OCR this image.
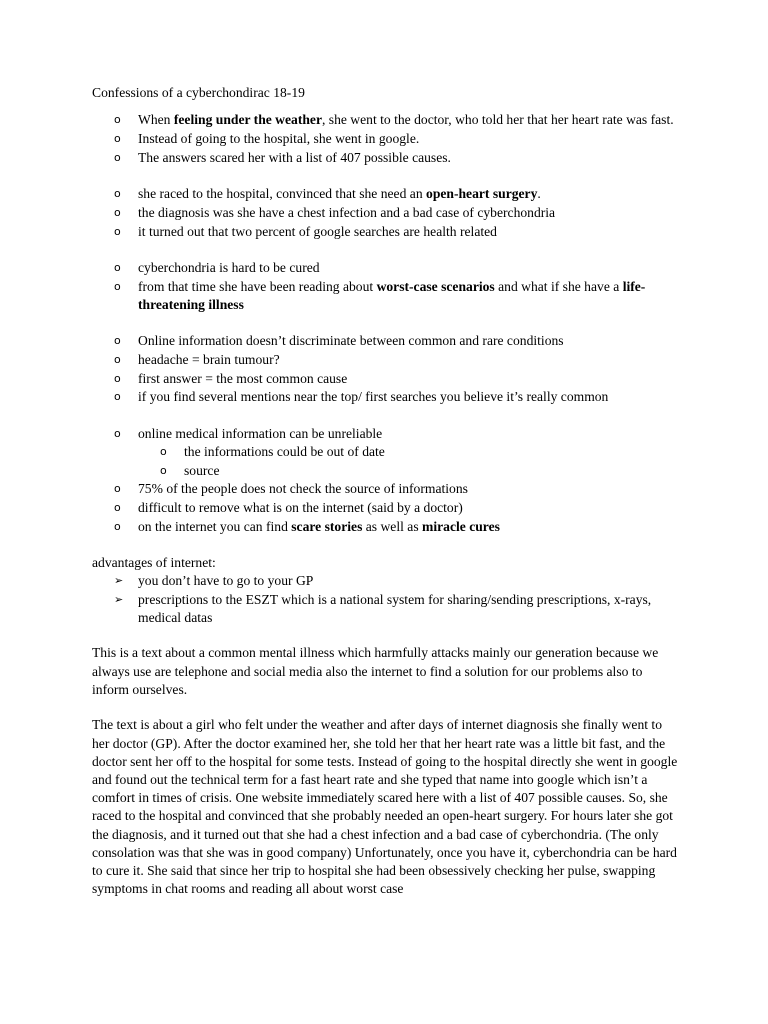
Confessions of a cyberchondirac 18-19
o When feeling under the weather, she went to the doctor, who told her that her heart rate was fast.
o Instead of going to the hospital, she went in google.
o The answers scared her with a list of 407 possible causes.
o she raced to the hospital, convinced that she need an open-heart surgery.
o the diagnosis was she have a chest infection and a bad case of cyberchondria
o it turned out that two percent of google searches are health related
o cyberchondria is hard to be cured
o from that time she have been reading about worst-case scenarios and what if she have a life-threatening illness
o Online information doesn’t discriminate between common and rare conditions
o headache = brain tumour?
o first answer = the most common cause
o if you find several mentions near the top/ first searches you believe it’s really common
o online medical information can be unreliable
o the informations could be out of date
o source
o 75% of the people does not check the source of informations
o difficult to remove what is on the internet (said by a doctor)
o on the internet you can find scare stories as well as miracle cures
advantages of internet:
➢ you don’t have to go to your GP
➢ prescriptions to the ESZT which is a national system for sharing/sending prescriptions, x-rays, medical datas

This is a text about a common mental illness which harmfully attacks mainly our generation because we always use are telephone and social media also the internet to find a solution for our problems also to inform ourselves.

The text is about a girl who felt under the weather and after days of internet diagnosis she finally went to her doctor (GP). After the doctor examined her, she told her that her heart rate was a little bit fast, and the doctor sent her off to the hospital for some tests. Instead of going to the hospital directly she went in google and found out the technical term for a fast heart rate and she typed that name into google which isn’t a comfort in times of crisis. One website immediately scared here with a list of 407 possible causes. So, she raced to the hospital and convinced that she probably needed an open-heart surgery. For hours later she got the diagnosis, and it turned out that she had a chest infection and a bad case of cyberchondria. (The only consolation was that she was in good company) Unfortunately, once you have it, cyberchondria can be hard to cure it. She said that since her trip to hospital she had been obsessively checking her pulse, swapping symptoms in chat rooms and reading all about worst case
